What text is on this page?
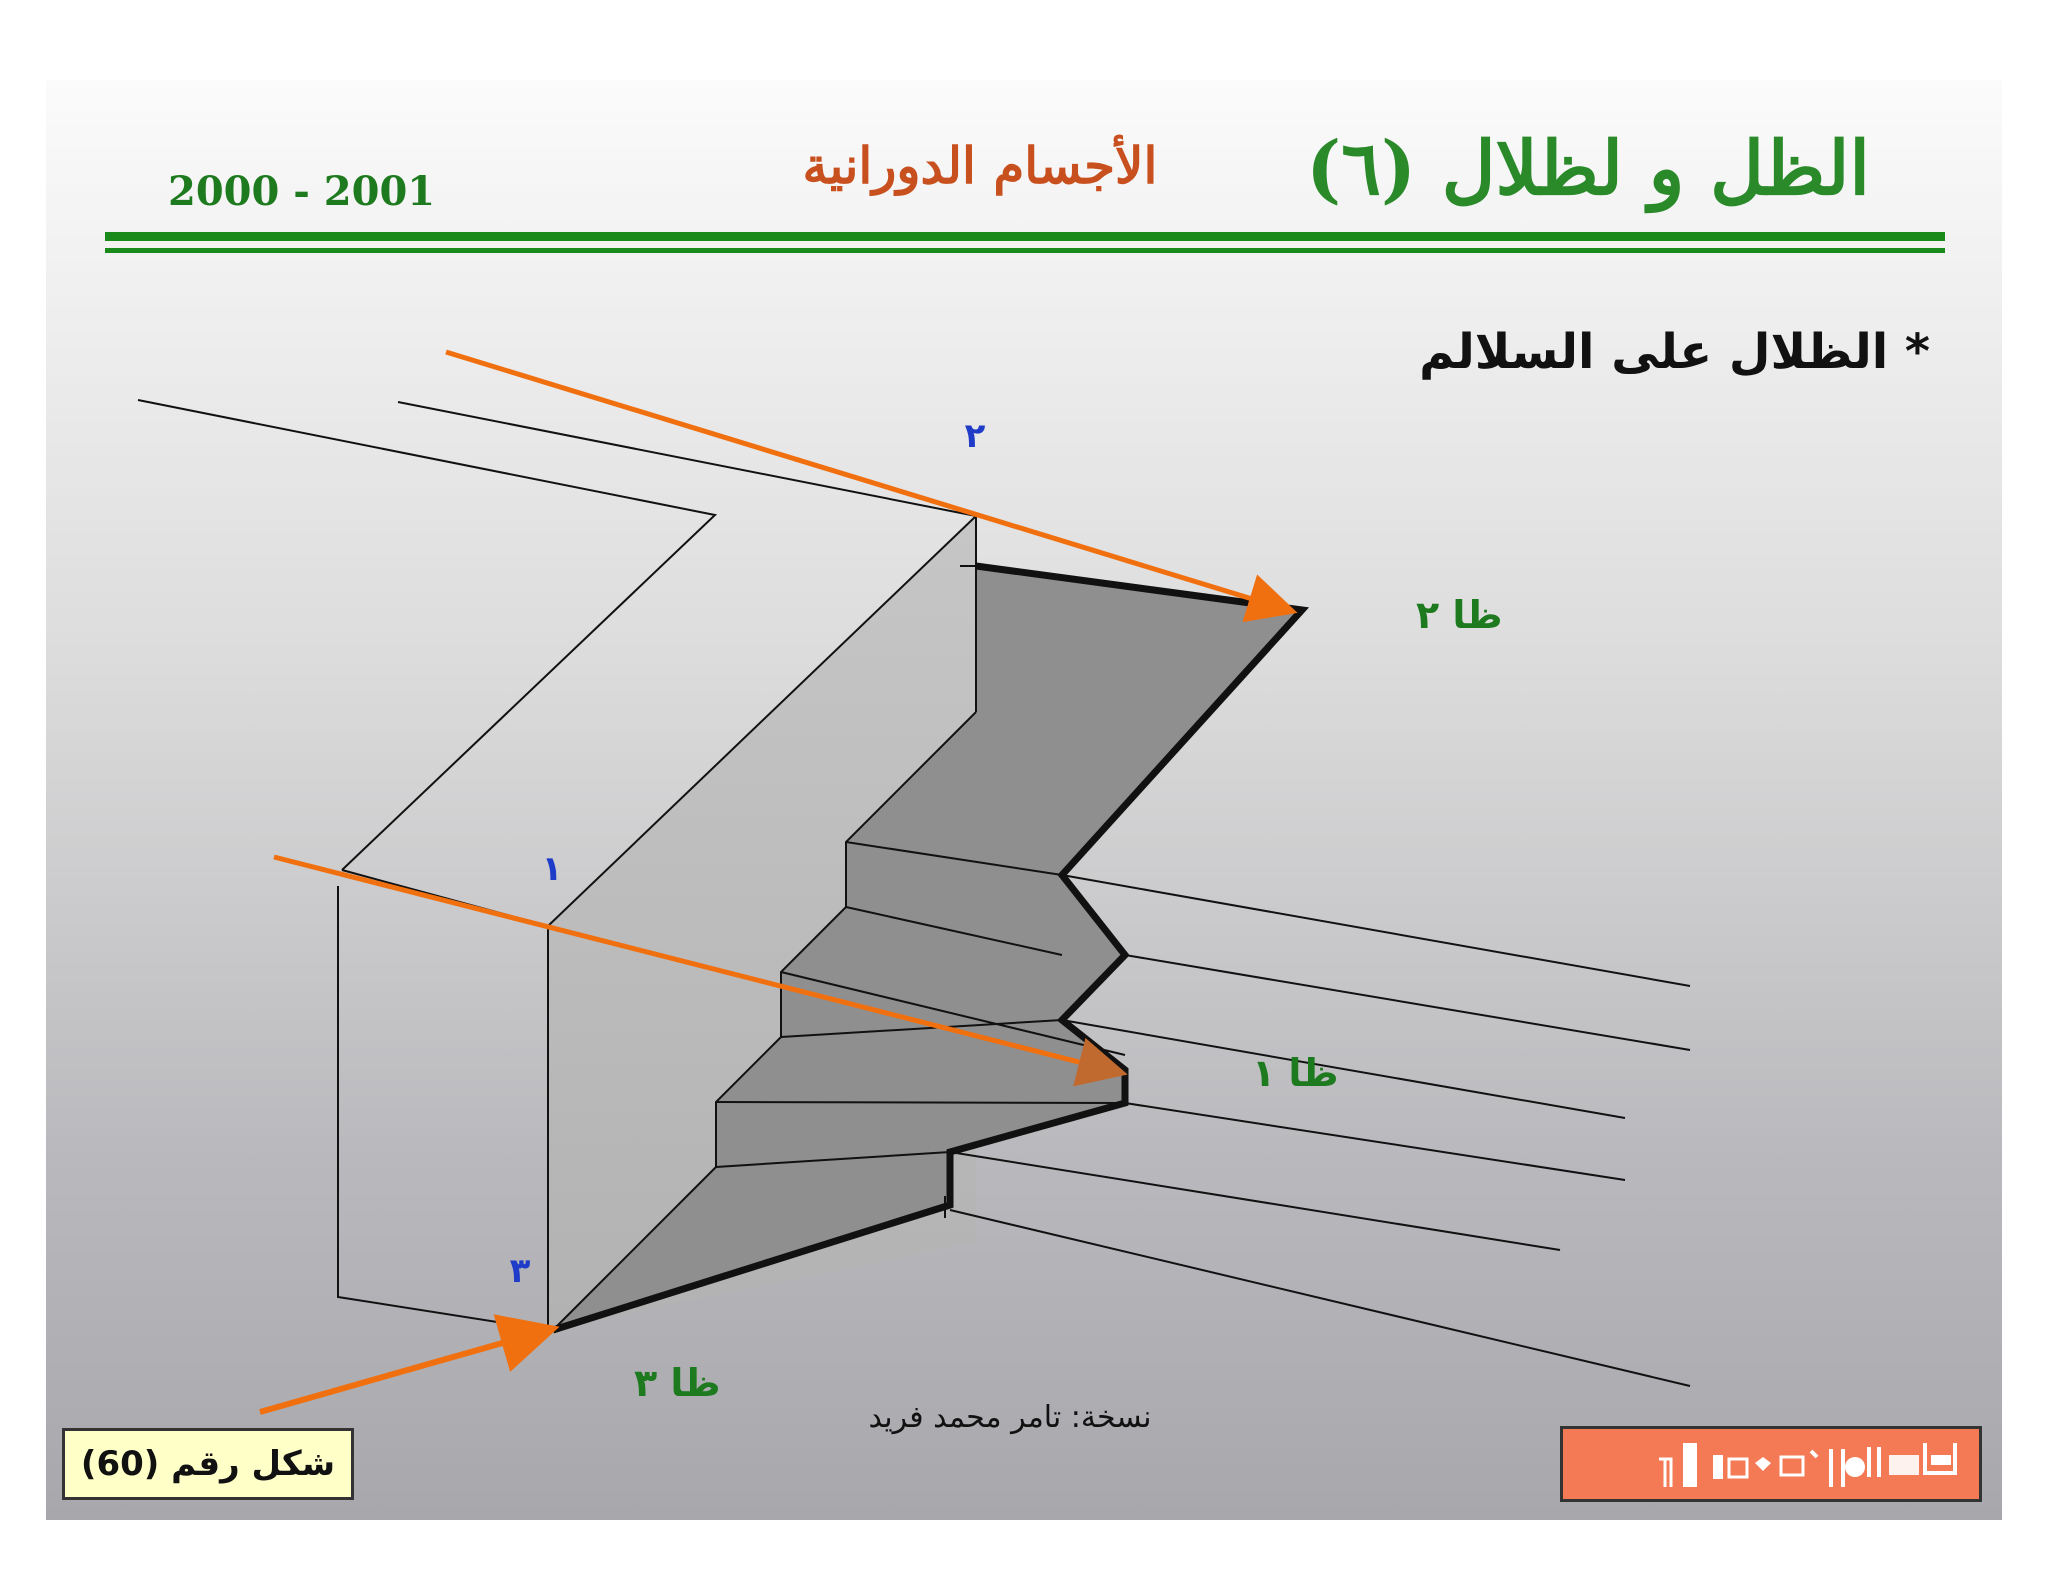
2000 - 2001	الأجسام الدورانية	الظل و لظلال (٦)
* الظلال على السلالم
٢
١
٣
ظا ٢
ظا ١
ظا ٣
نسخة: تامر محمد فريد
شكل رقم (60)
